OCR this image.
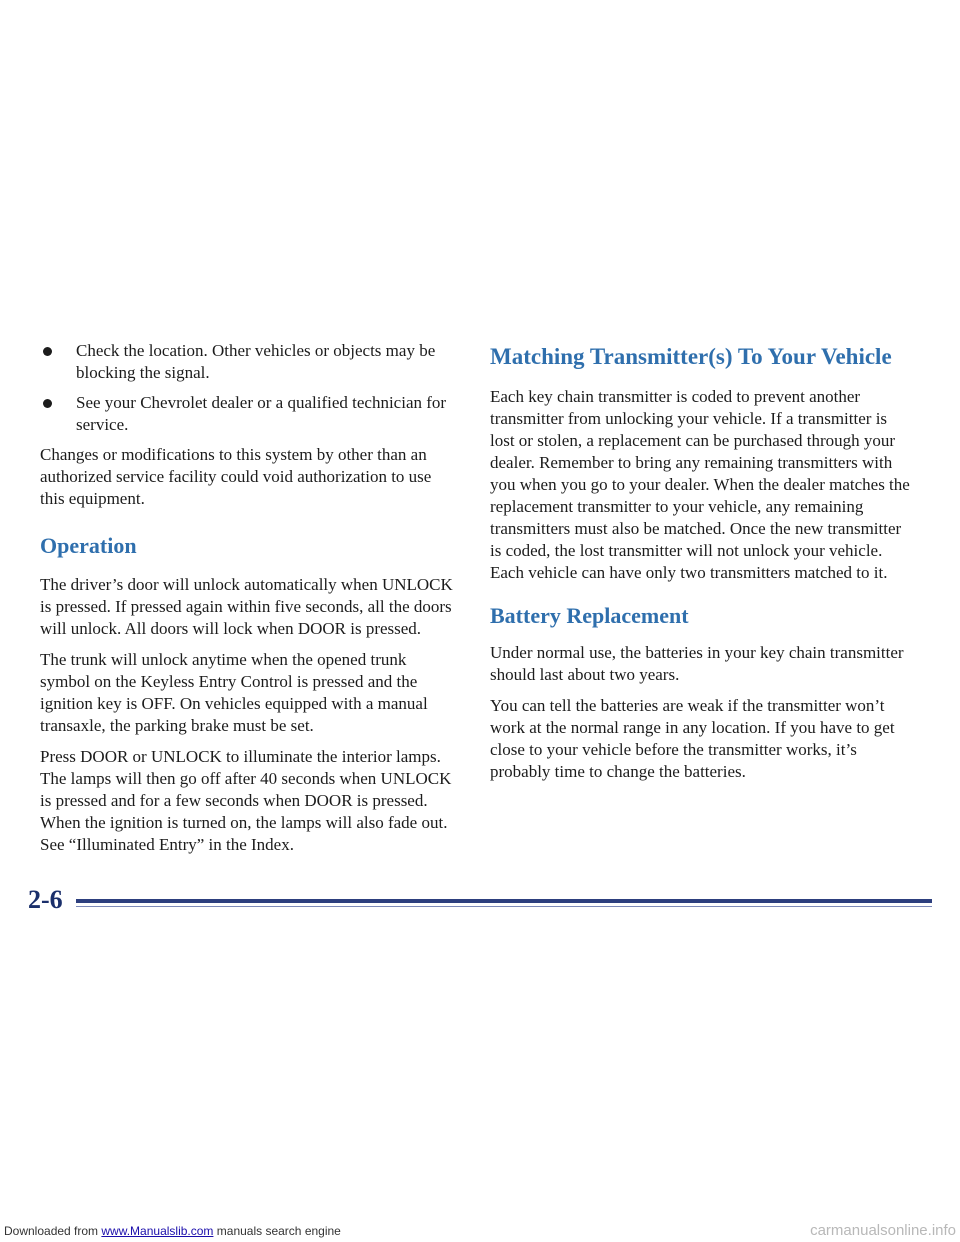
Check the location. Other vehicles or objects may be blocking the signal.
See your Chevrolet dealer or a qualified technician for service.

Changes or modifications to this system by other than an authorized service facility could void authorization to use this equipment.

Operation

The driver’s door will unlock automatically when UNLOCK is pressed. If pressed again within five seconds, all the doors will unlock. All doors will lock when DOOR is pressed.

The trunk will unlock anytime when the opened trunk symbol on the Keyless Entry Control is pressed and the ignition key is OFF. On vehicles equipped with a manual transaxle, the parking brake must be set.

Press DOOR or UNLOCK to illuminate the interior lamps. The lamps will then go off after 40 seconds when UNLOCK is pressed and for a few seconds when DOOR is pressed. When the ignition is turned on, the lamps will also fade out. See “Illuminated Entry” in the Index.

Matching Transmitter(s) To Your Vehicle

Each key chain transmitter is coded to prevent another transmitter from unlocking your vehicle. If a transmitter is lost or stolen, a replacement can be purchased through your dealer. Remember to bring any remaining transmitters with you when you go to your dealer. When the dealer matches the replacement transmitter to your vehicle, any remaining transmitters must also be matched. Once the new transmitter is coded, the lost transmitter will not unlock your vehicle. Each vehicle can have only two transmitters matched to it.

Battery Replacement

Under normal use, the batteries in your key chain transmitter should last about two years.

You can tell the batteries are weak if the transmitter won’t work at the normal range in any location. If you have to get close to your vehicle before the transmitter works, it’s probably time to change the batteries.

2-6
Downloaded from www.Manualslib.com manuals search engine	carmanualsonline.info
